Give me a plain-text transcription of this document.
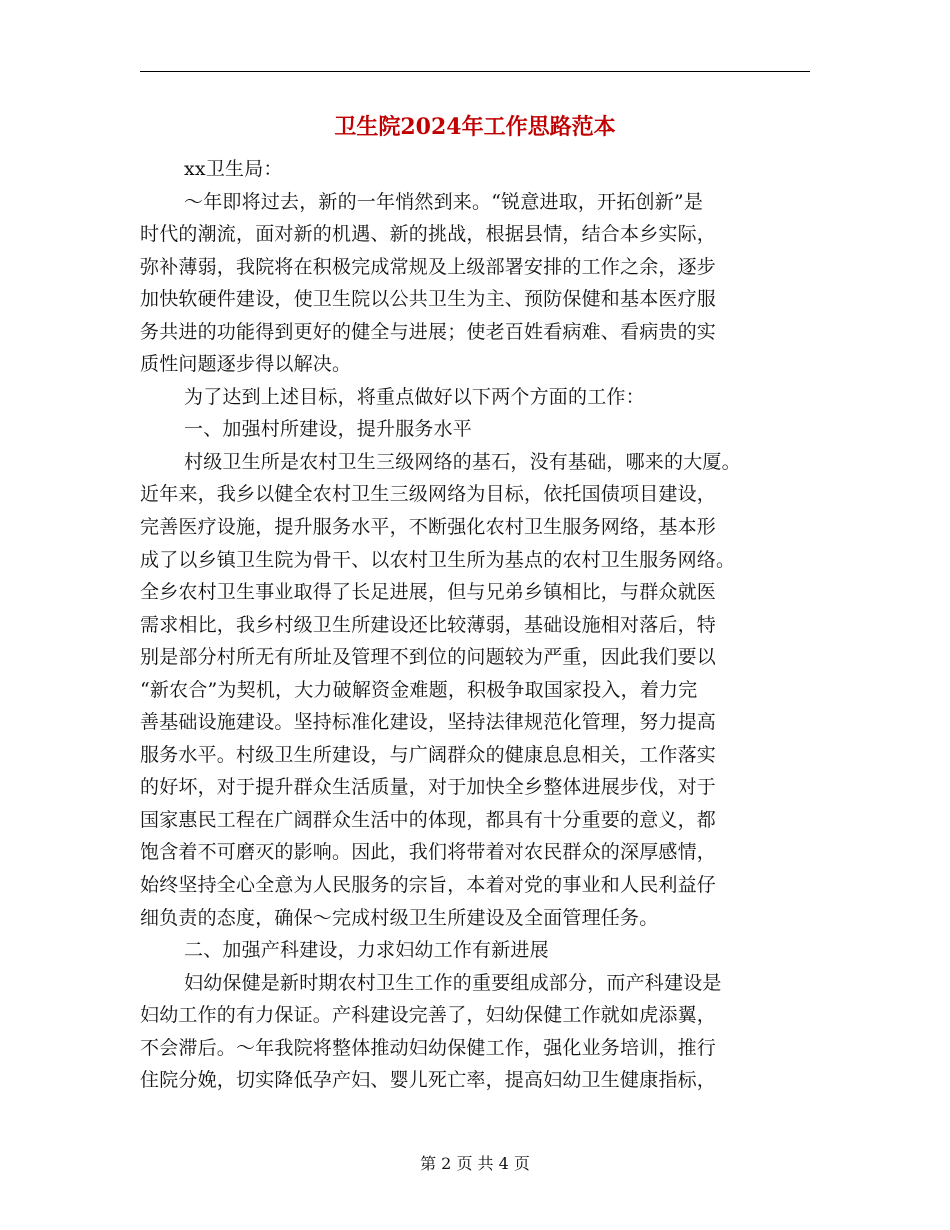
卫生院2024年工作思路范本
xx卫生局：
～年即将过去，新的一年悄然到来。“锐意进取，开拓创新”是
时代的潮流，面对新的机遇、新的挑战，根据县情，结合本乡实际，
弥补薄弱，我院将在积极完成常规及上级部署安排的工作之余，逐步
加快软硬件建设，使卫生院以公共卫生为主、预防保健和基本医疗服
务共进的功能得到更好的健全与进展；使老百姓看病难、看病贵的实
质性问题逐步得以解决。
为了达到上述目标，将重点做好以下两个方面的工作：
一、加强村所建设，提升服务水平
村级卫生所是农村卫生三级网络的基石，没有基础，哪来的大厦。
近年来，我乡以健全农村卫生三级网络为目标，依托国债项目建设，
完善医疗设施，提升服务水平，不断强化农村卫生服务网络，基本形
成了以乡镇卫生院为骨干、以农村卫生所为基点的农村卫生服务网络。
全乡农村卫生事业取得了长足进展，但与兄弟乡镇相比，与群众就医
需求相比，我乡村级卫生所建设还比较薄弱，基础设施相对落后，特
别是部分村所无有所址及管理不到位的问题较为严重，因此我们要以
“新农合”为契机，大力破解资金难题，积极争取国家投入，着力完
善基础设施建设。坚持标准化建设，坚持法律规范化管理，努力提高
服务水平。村级卫生所建设，与广阔群众的健康息息相关，工作落实
的好坏，对于提升群众生活质量，对于加快全乡整体进展步伐，对于
国家惠民工程在广阔群众生活中的体现，都具有十分重要的意义，都
饱含着不可磨灭的影响。因此，我们将带着对农民群众的深厚感情，
始终坚持全心全意为人民服务的宗旨，本着对党的事业和人民利益仔
细负责的态度，确保～完成村级卫生所建设及全面管理任务。
二、加强产科建设，力求妇幼工作有新进展
妇幼保健是新时期农村卫生工作的重要组成部分，而产科建设是
妇幼工作的有力保证。产科建设完善了，妇幼保健工作就如虎添翼，
不会滞后。～年我院将整体推动妇幼保健工作，强化业务培训，推行
住院分娩，切实降低孕产妇、婴儿死亡率，提高妇幼卫生健康指标，
第 2 页 共 4 页
